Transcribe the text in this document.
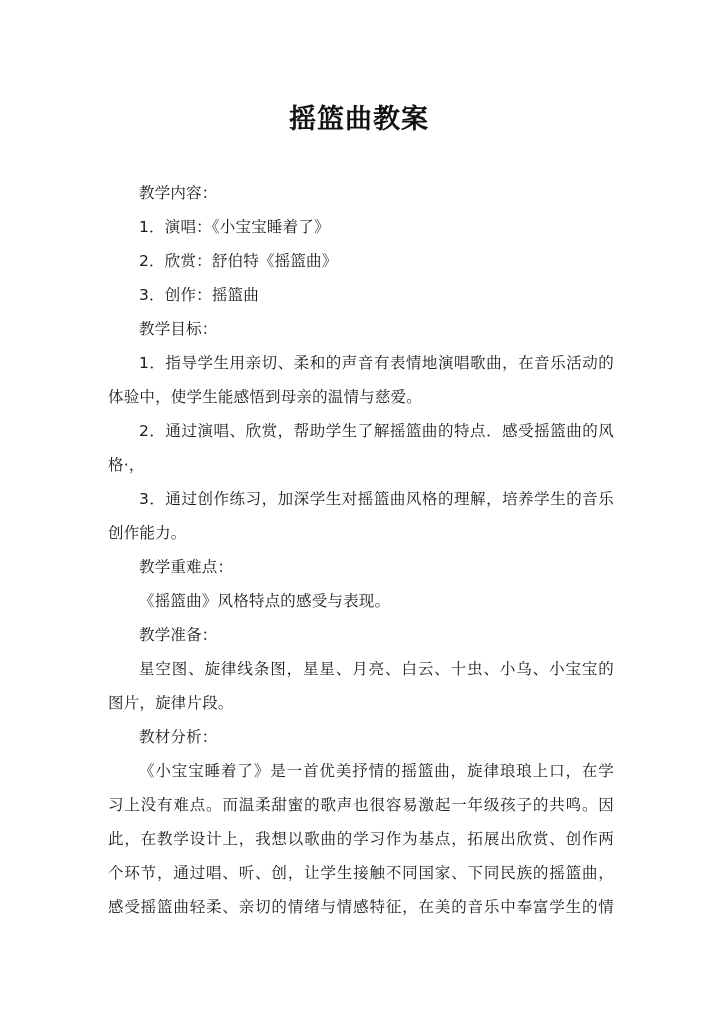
摇篮曲教案
教学内容：
1．演唱：《小宝宝睡着了》
2．欣赏：舒伯特《摇篮曲》
3．创作：摇篮曲
教学目标：
1．指导学生用亲切、柔和的声音有表情地演唱歌曲，在音乐活动的
体验中，使学生能感悟到母亲的温情与慈爱。
2．通过演唱、欣赏，帮助学生了解摇篮曲的特点．感受摇篮曲的风
格·，
3．通过创作练习，加深学生对摇篮曲风格的理解，培养学生的音乐
创作能力。
教学重难点：
《摇篮曲》风格特点的感受与表现。
教学准备：
星空图、旋律线条图，星星、月亮、白云、十虫、小乌、小宝宝的
图片，旋律片段。
教材分析：
《小宝宝睡着了》是一首优美抒情的摇篮曲，旋律琅琅上口，在学
习上没有难点。而温柔甜蜜的歌声也很容易激起一年级孩子的共鸣。因
此，在教学设计上，我想以歌曲的学习作为基点，拓展出欣赏、创作两
个环节，通过唱、听、创，让学生接触不同国家、下同民族的摇篮曲，
感受摇篮曲轻柔、亲切的情绪与情感特征，在美的音乐中奉富学生的情
